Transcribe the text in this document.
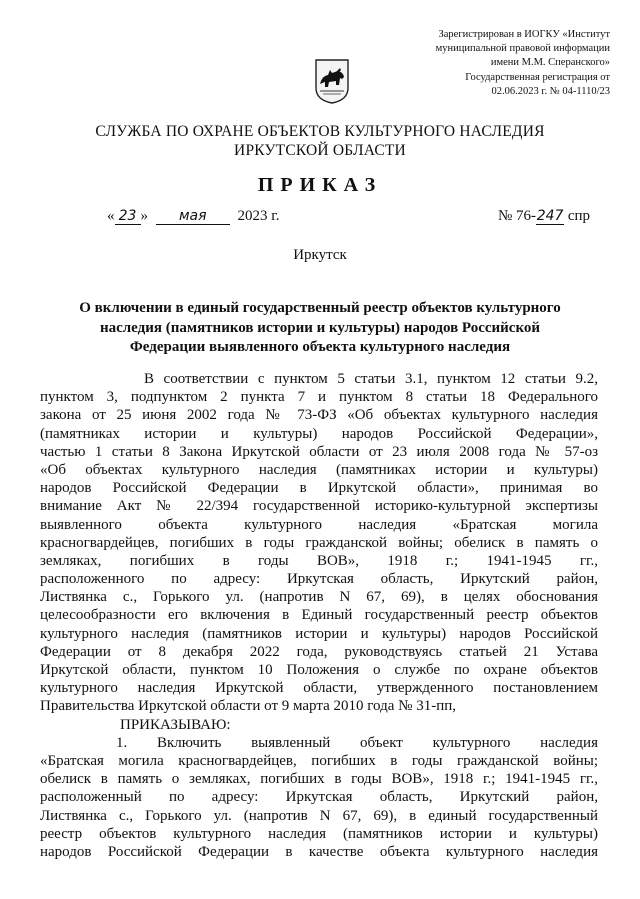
Зарегистрирован в ИОГКУ «Институт
муниципальной правовой информации
имени М.М. Сперанского»
Государственная регистрация от
02.06.2023 г. № 04-1110/23
СЛУЖБА ПО ОХРАНЕ ОБЪЕКТОВ КУЛЬТУРНОГО НАСЛЕДИЯ
ИРКУТСКОЙ ОБЛАСТИ
ПРИКАЗ
« 23 » мая 2023 г.	№ 76-247 спр
Иркутск
О включении в единый государственный реестр объектов культурного
наследия (памятников истории и культуры) народов Российской
Федерации выявленного объекта культурного наследия
В соответствии с пунктом 5 статьи 3.1, пунктом 12 статьи 9.2,
пунктом 3, подпунктом 2 пункта 7 и пунктом 8 статьи 18 Федерального
закона от 25 июня 2002 года № 73-ФЗ «Об объектах культурного наследия
(памятниках истории и культуры) народов Российской Федерации»,
частью 1 статьи 8 Закона Иркутской области от 23 июля 2008 года № 57-оз
«Об объектах культурного наследия (памятниках истории и культуры)
народов Российской Федерации в Иркутской области», принимая во
внимание Акт № 22/394 государственной историко-культурной экспертизы
выявленного объекта культурного наследия «Братская могила
красногвардейцев, погибших в годы гражданской войны; обелиск в память о
земляках, погибших в годы ВОВ», 1918 г.; 1941-1945 гг.,
расположенного по адресу: Иркутская область, Иркутский район,
Листвянка с., Горького ул. (напротив N 67, 69), в целях обоснования
целесообразности его включения в Единый государственный реестр объектов
культурного наследия (памятников истории и культуры) народов Российской
Федерации от 8 декабря 2022 года, руководствуясь статьей 21 Устава
Иркутской области, пунктом 10 Положения о службе по охране объектов
культурного наследия Иркутской области, утвержденного постановлением
Правительства Иркутской области от 9 марта 2010 года № 31-пп,
ПРИКАЗЫВАЮ:
1. Включить выявленный объект культурного наследия
«Братская могила красногвардейцев, погибших в годы гражданской войны;
обелиск в память о земляках, погибших в годы ВОВ», 1918 г.; 1941-1945 гг.,
расположенный по адресу: Иркутская область, Иркутский район,
Листвянка с., Горького ул. (напротив N 67, 69), в единый государственный
реестр объектов культурного наследия (памятников истории и культуры)
народов Российской Федерации в качестве объекта культурного наследия
